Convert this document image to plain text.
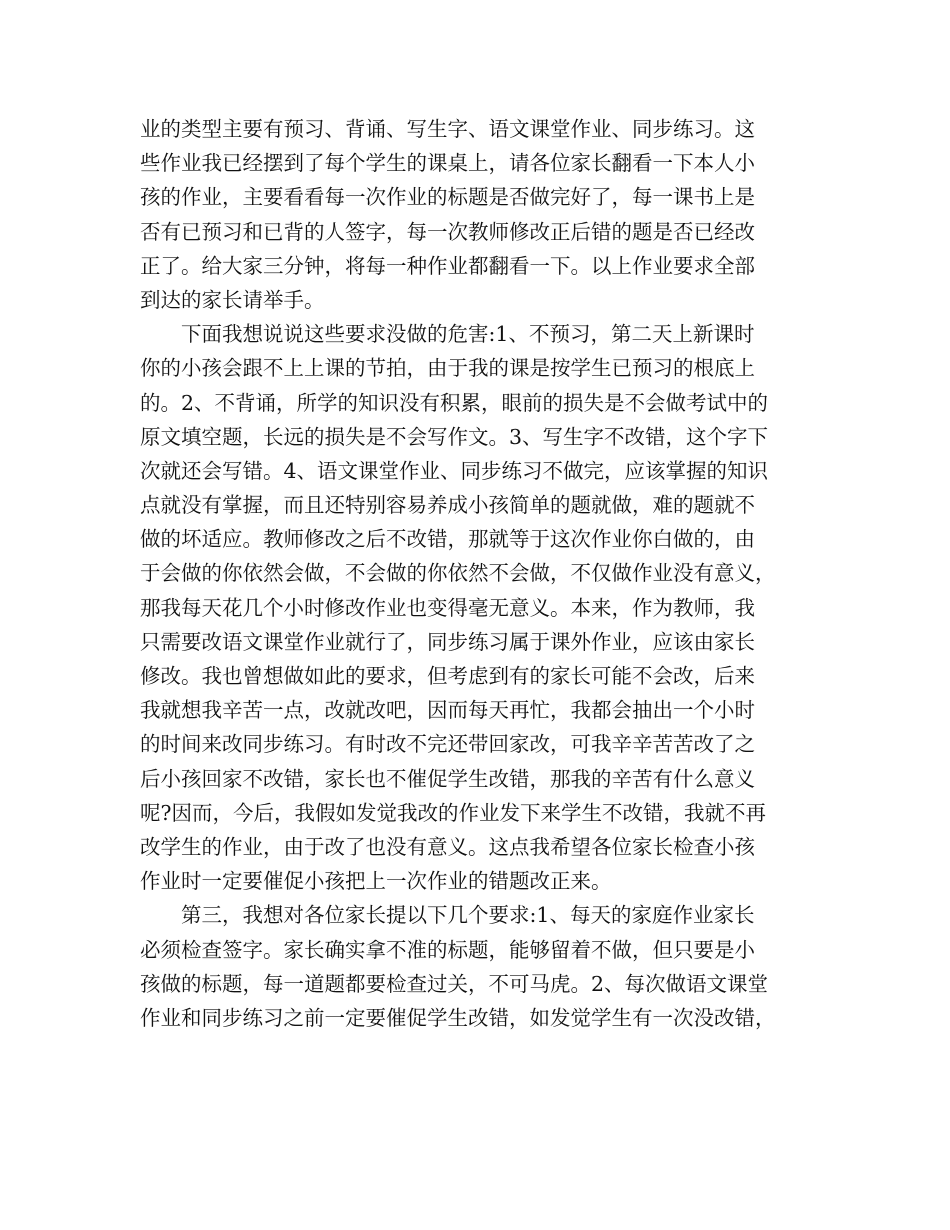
业的类型主要有预习、背诵、写生字、语文课堂作业、同步练习。这
些作业我已经摆到了每个学生的课桌上，请各位家长翻看一下本人小
孩的作业，主要看看每一次作业的标题是否做完好了，每一课书上是
否有已预习和已背的人签字，每一次教师修改正后错的题是否已经改
正了。给大家三分钟，将每一种作业都翻看一下。以上作业要求全部
到达的家长请举手。
下面我想说说这些要求没做的危害:1、不预习，第二天上新课时
你的小孩会跟不上上课的节拍，由于我的课是按学生已预习的根底上
的。2、不背诵，所学的知识没有积累，眼前的损失是不会做考试中的
原文填空题，长远的损失是不会写作文。3、写生字不改错，这个字下
次就还会写错。4、语文课堂作业、同步练习不做完，应该掌握的知识
点就没有掌握，而且还特别容易养成小孩简单的题就做，难的题就不
做的坏适应。教师修改之后不改错，那就等于这次作业你白做的，由
于会做的你依然会做，不会做的你依然不会做，不仅做作业没有意义，
那我每天花几个小时修改作业也变得毫无意义。本来，作为教师，我
只需要改语文课堂作业就行了，同步练习属于课外作业，应该由家长
修改。我也曾想做如此的要求，但考虑到有的家长可能不会改，后来
我就想我辛苦一点，改就改吧，因而每天再忙，我都会抽出一个小时
的时间来改同步练习。有时改不完还带回家改，可我辛辛苦苦改了之
后小孩回家不改错，家长也不催促学生改错，那我的辛苦有什么意义
呢?因而，今后，我假如发觉我改的作业发下来学生不改错，我就不再
改学生的作业，由于改了也没有意义。这点我希望各位家长检查小孩
作业时一定要催促小孩把上一次作业的错题改正来。
第三，我想对各位家长提以下几个要求:1、每天的家庭作业家长
必须检查签字。家长确实拿不准的标题，能够留着不做，但只要是小
孩做的标题，每一道题都要检查过关，不可马虎。2、每次做语文课堂
作业和同步练习之前一定要催促学生改错，如发觉学生有一次没改错，
